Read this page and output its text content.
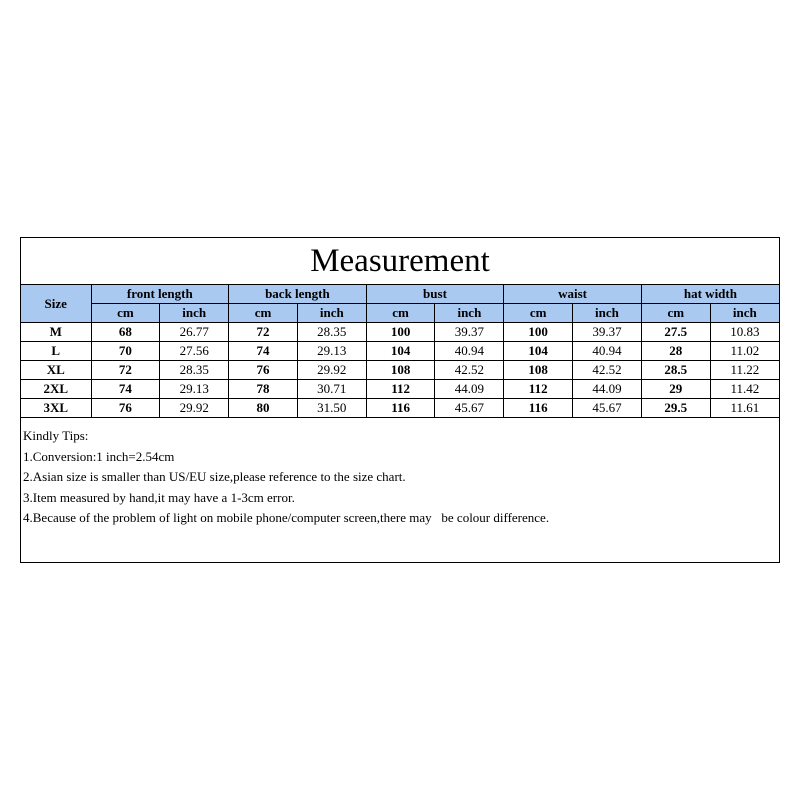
Measurement
Size	front length		back length		bust		waist		hat width	
	cm	inch	cm	inch	cm	inch	cm	inch	cm	inch
M	68	26.77	72	28.35	100	39.37	100	39.37	27.5	10.83
L	70	27.56	74	29.13	104	40.94	104	40.94	28	11.02
XL	72	28.35	76	29.92	108	42.52	108	42.52	28.5	11.22
2XL	74	29.13	78	30.71	112	44.09	112	44.09	29	11.42
3XL	76	29.92	80	31.50	116	45.67	116	45.67	29.5	11.61
Kindly Tips:
1.Conversion:1 inch=2.54cm
2.Asian size is smaller than US/EU size,please reference to the size chart.
3.Item measured by hand,it may have a 1-3cm error.
4.Because of the problem of light on mobile phone/computer screen,there may   be colour difference.
